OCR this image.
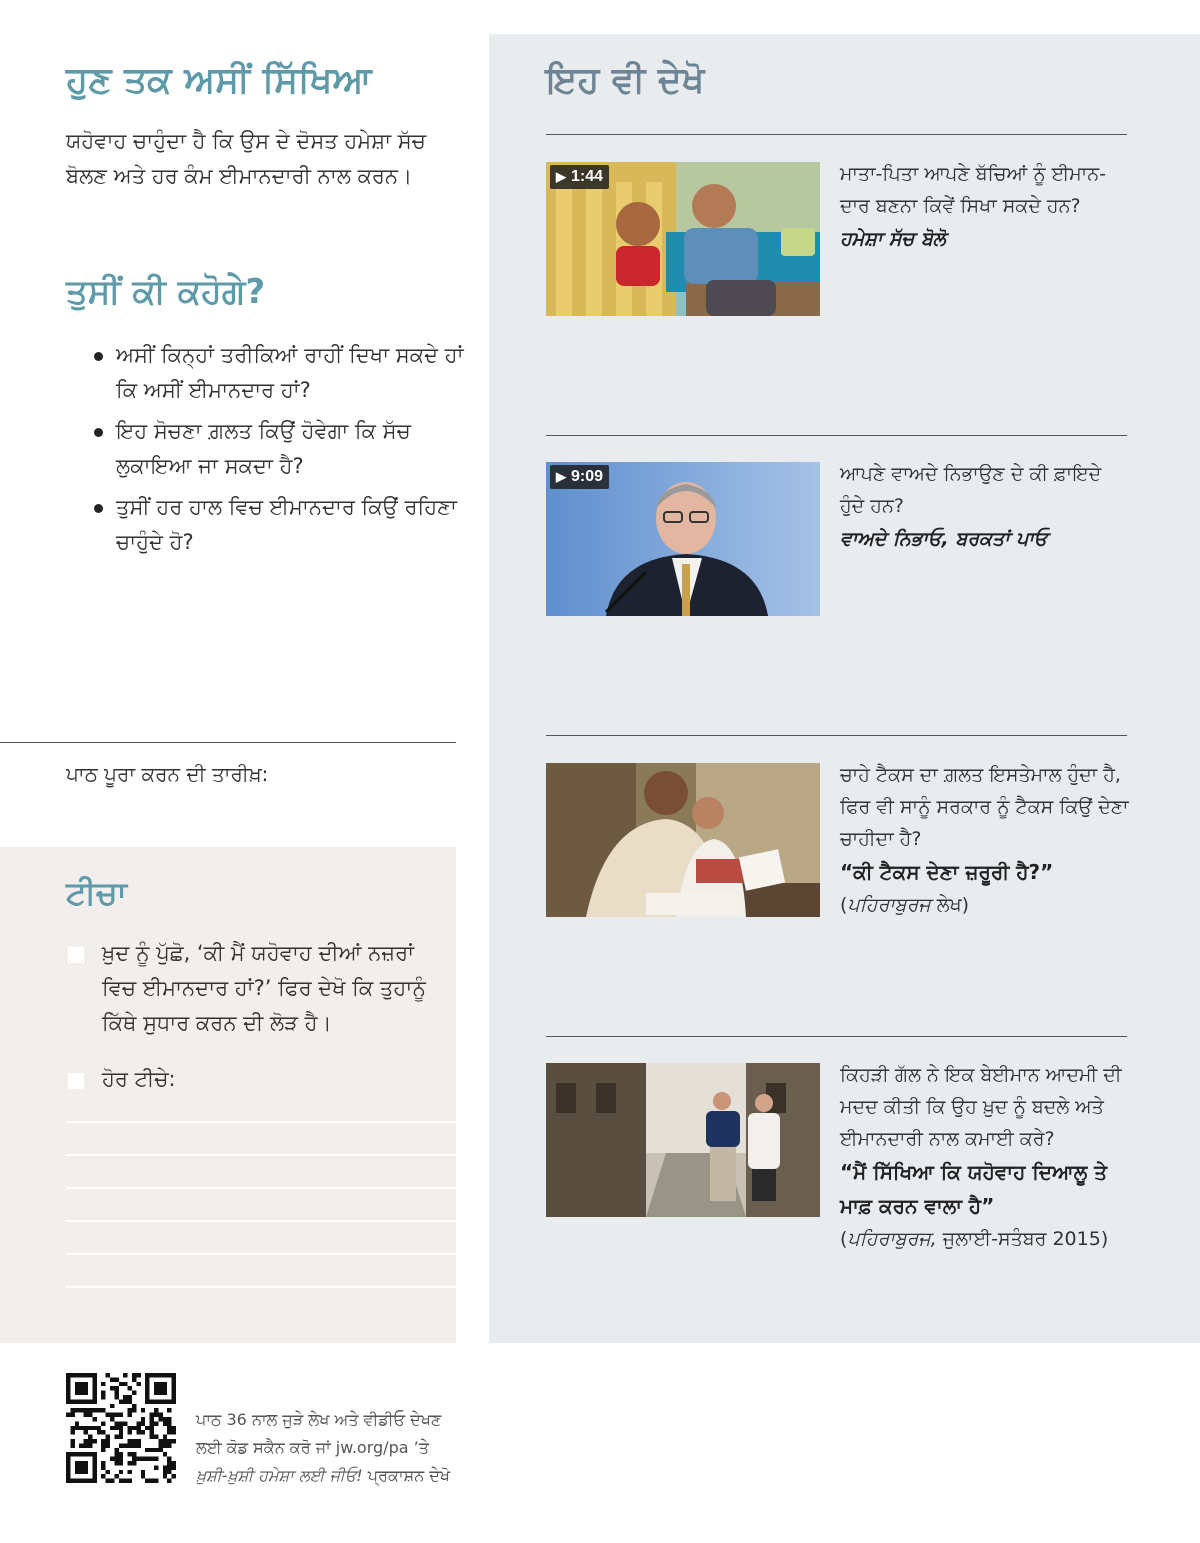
ਹੁਣ ਤਕ ਅਸੀਂ ਸਿੱਖਿਆ

ਯਹੋਵਾਹ ਚਾਹੁੰਦਾ ਹੈ ਕਿ ਉਸ ਦੇ ਦੋਸਤ ਹਮੇਸ਼ਾ ਸੱਚ ਬੋਲਣ ਅਤੇ ਹਰ ਕੰਮ ਈਮਾਨਦਾਰੀ ਨਾਲ ਕਰਨ।

ਤੁਸੀਂ ਕੀ ਕਹੋਗੇ?
ਅਸੀਂ ਕਿਨ੍ਹਾਂ ਤਰੀਕਿਆਂ ਰਾਹੀਂ ਦਿਖਾ ਸਕਦੇ ਹਾਂ ਕਿ ਅਸੀਂ ਈਮਾਨਦਾਰ ਹਾਂ?
ਇਹ ਸੋਚਣਾ ਗ਼ਲਤ ਕਿਉਂ ਹੋਵੇਗਾ ਕਿ ਸੱਚ ਲੁਕਾਇਆ ਜਾ ਸਕਦਾ ਹੈ?
ਤੁਸੀਂ ਹਰ ਹਾਲ ਵਿਚ ਈਮਾਨਦਾਰ ਕਿਉਂ ਰਹਿਣਾ ਚਾਹੁੰਦੇ ਹੋ?

ਪਾਠ ਪੂਰਾ ਕਰਨ ਦੀ ਤਾਰੀਖ਼:

ਟੀਚਾ
ਖ਼ੁਦ ਨੂੰ ਪੁੱਛੋ, ‘ਕੀ ਮੈਂ ਯਹੋਵਾਹ ਦੀਆਂ ਨਜ਼ਰਾਂ ਵਿਚ ਈਮਾਨਦਾਰ ਹਾਂ?’ ਫਿਰ ਦੇਖੋ ਕਿ ਤੁਹਾਨੂੰ ਕਿੱਥੇ ਸੁਧਾਰ ਕਰਨ ਦੀ ਲੋੜ ਹੈ।
ਹੋਰ ਟੀਚੇ:
ਇਹ ਵੀ ਦੇਖੋ
▶ 1:44	ਮਾਤਾ-ਪਿਤਾ ਆਪਣੇ ਬੱਚਿਆਂ ਨੂੰ ਈਮਾਨ-ਦਾਰ ਬਣਨਾ ਕਿਵੇਂ ਸਿਖਾ ਸਕਦੇ ਹਨ?

ਹਮੇਸ਼ਾ ਸੱਚ ਬੋਲੋ

▶ 9:09	ਆਪਣੇ ਵਾਅਦੇ ਨਿਭਾਉਣ ਦੇ ਕੀ ਫ਼ਾਇਦੇ ਹੁੰਦੇ ਹਨ?

ਵਾਅਦੇ ਨਿਭਾਓ, ਬਰਕਤਾਂ ਪਾਓ

ਚਾਹੇ ਟੈਕਸ ਦਾ ਗ਼ਲਤ ਇਸਤੇਮਾਲ ਹੁੰਦਾ ਹੈ, ਫਿਰ ਵੀ ਸਾਨੂੰ ਸਰਕਾਰ ਨੂੰ ਟੈਕਸ ਕਿਉਂ ਦੇਣਾ ਚਾਹੀਦਾ ਹੈ?

“ਕੀ ਟੈਕਸ ਦੇਣਾ ਜ਼ਰੂਰੀ ਹੈ?”

(ਪਹਿਰਾਬੁਰਜ ਲੇਖ)

ਕਿਹੜੀ ਗੱਲ ਨੇ ਇਕ ਬੇਈਮਾਨ ਆਦਮੀ ਦੀ ਮਦਦ ਕੀਤੀ ਕਿ ਉਹ ਖ਼ੁਦ ਨੂੰ ਬਦਲੇ ਅਤੇ ਈਮਾਨਦਾਰੀ ਨਾਲ ਕਮਾਈ ਕਰੇ?

“ਮੈਂ ਸਿੱਖਿਆ ਕਿ ਯਹੋਵਾਹ ਦਿਆਲੂ ਤੇ ਮਾਫ਼ ਕਰਨ ਵਾਲਾ ਹੈ”

(ਪਹਿਰਾਬੁਰਜ, ਜੁਲਾਈ-ਸਤੰਬਰ 2015)

ਪਾਠ 36 ਨਾਲ ਜੁੜੇ ਲੇਖ ਅਤੇ ਵੀਡੀਓ ਦੇਖਣ
ਲਈ ਕੋਡ ਸਕੈਨ ਕਰੋ ਜਾਂ jw.org/pa ’ਤੇ
ਖ਼ੁਸ਼ੀ-ਖ਼ੁਸ਼ੀ ਹਮੇਸ਼ਾ ਲਈ ਜੀਓ! ਪ੍ਰਕਾਸ਼ਨ ਦੇਖੋ
